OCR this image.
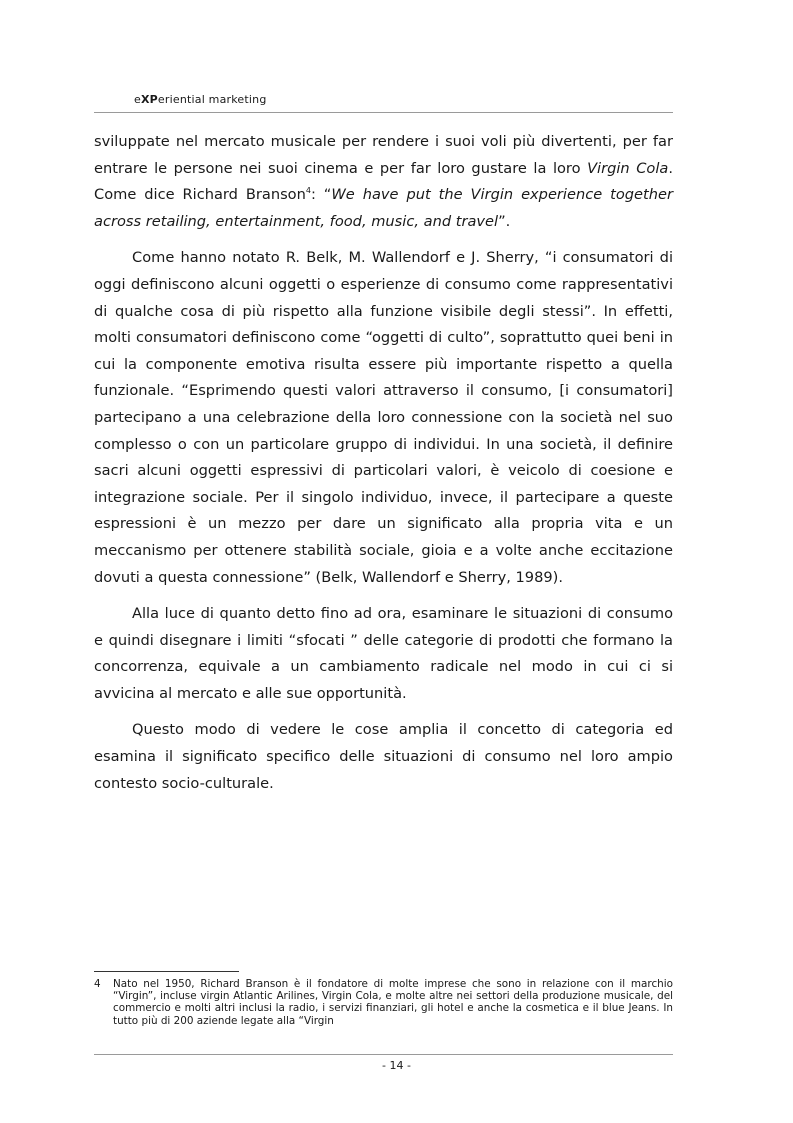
eXPeriential marketing

sviluppate nel mercato musicale per rendere i suoi voli più divertenti, per far entrare le persone nei suoi cinema e per far loro gustare la loro Virgin Cola. Come dice Richard Branson$^4$: “We have put the Virgin experience together across retailing, entertainment, food, music, and travel”.

Come hanno notato R. Belk, M. Wallendorf e J. Sherry, “i consumatori di oggi definiscono alcuni oggetti o esperienze di consumo come rappresentativi di qualche cosa di più rispetto alla funzione visibile degli stessi”. In effetti, molti consumatori definiscono come “oggetti di culto”, soprattutto quei beni in cui la componente emotiva risulta essere più importante rispetto a quella funzionale. “Esprimendo questi valori attraverso il consumo, [i consumatori] partecipano a una celebrazione della loro connessione con la società nel suo complesso o con un particolare gruppo di individui. In una società, il definire sacri alcuni oggetti espressivi di particolari valori, è veicolo di coesione e integrazione sociale. Per il singolo individuo, invece, il partecipare a queste espressioni è un mezzo per dare un significato alla propria vita e un meccanismo per ottenere stabilità sociale, gioia e a volte anche eccitazione dovuti a questa connessione” (Belk, Wallendorf e Sherry, 1989).

Alla luce di quanto detto fino ad ora, esaminare le situazioni di consumo e quindi disegnare i limiti “sfocati ” delle categorie di prodotti che formano la concorrenza, equivale a un cambiamento radicale nel modo in cui ci si avvicina al mercato e alle sue opportunità.

Questo modo di vedere le cose amplia il concetto di categoria ed esamina il significato specifico delle situazioni di consumo nel loro ampio contesto socio-culturale.

4 Nato nel 1950, Richard Branson è il fondatore di molte imprese che sono in relazione con il marchio “Virgin”, incluse virgin Atlantic Arilines, Virgin Cola, e molte altre nei settori della produzione musicale, del commercio e molti altri inclusi la radio, i servizi finanziari, gli hotel e anche la cosmetica e il blue Jeans. In tutto più di 200 aziende legate alla “Virgin
- 14 -
